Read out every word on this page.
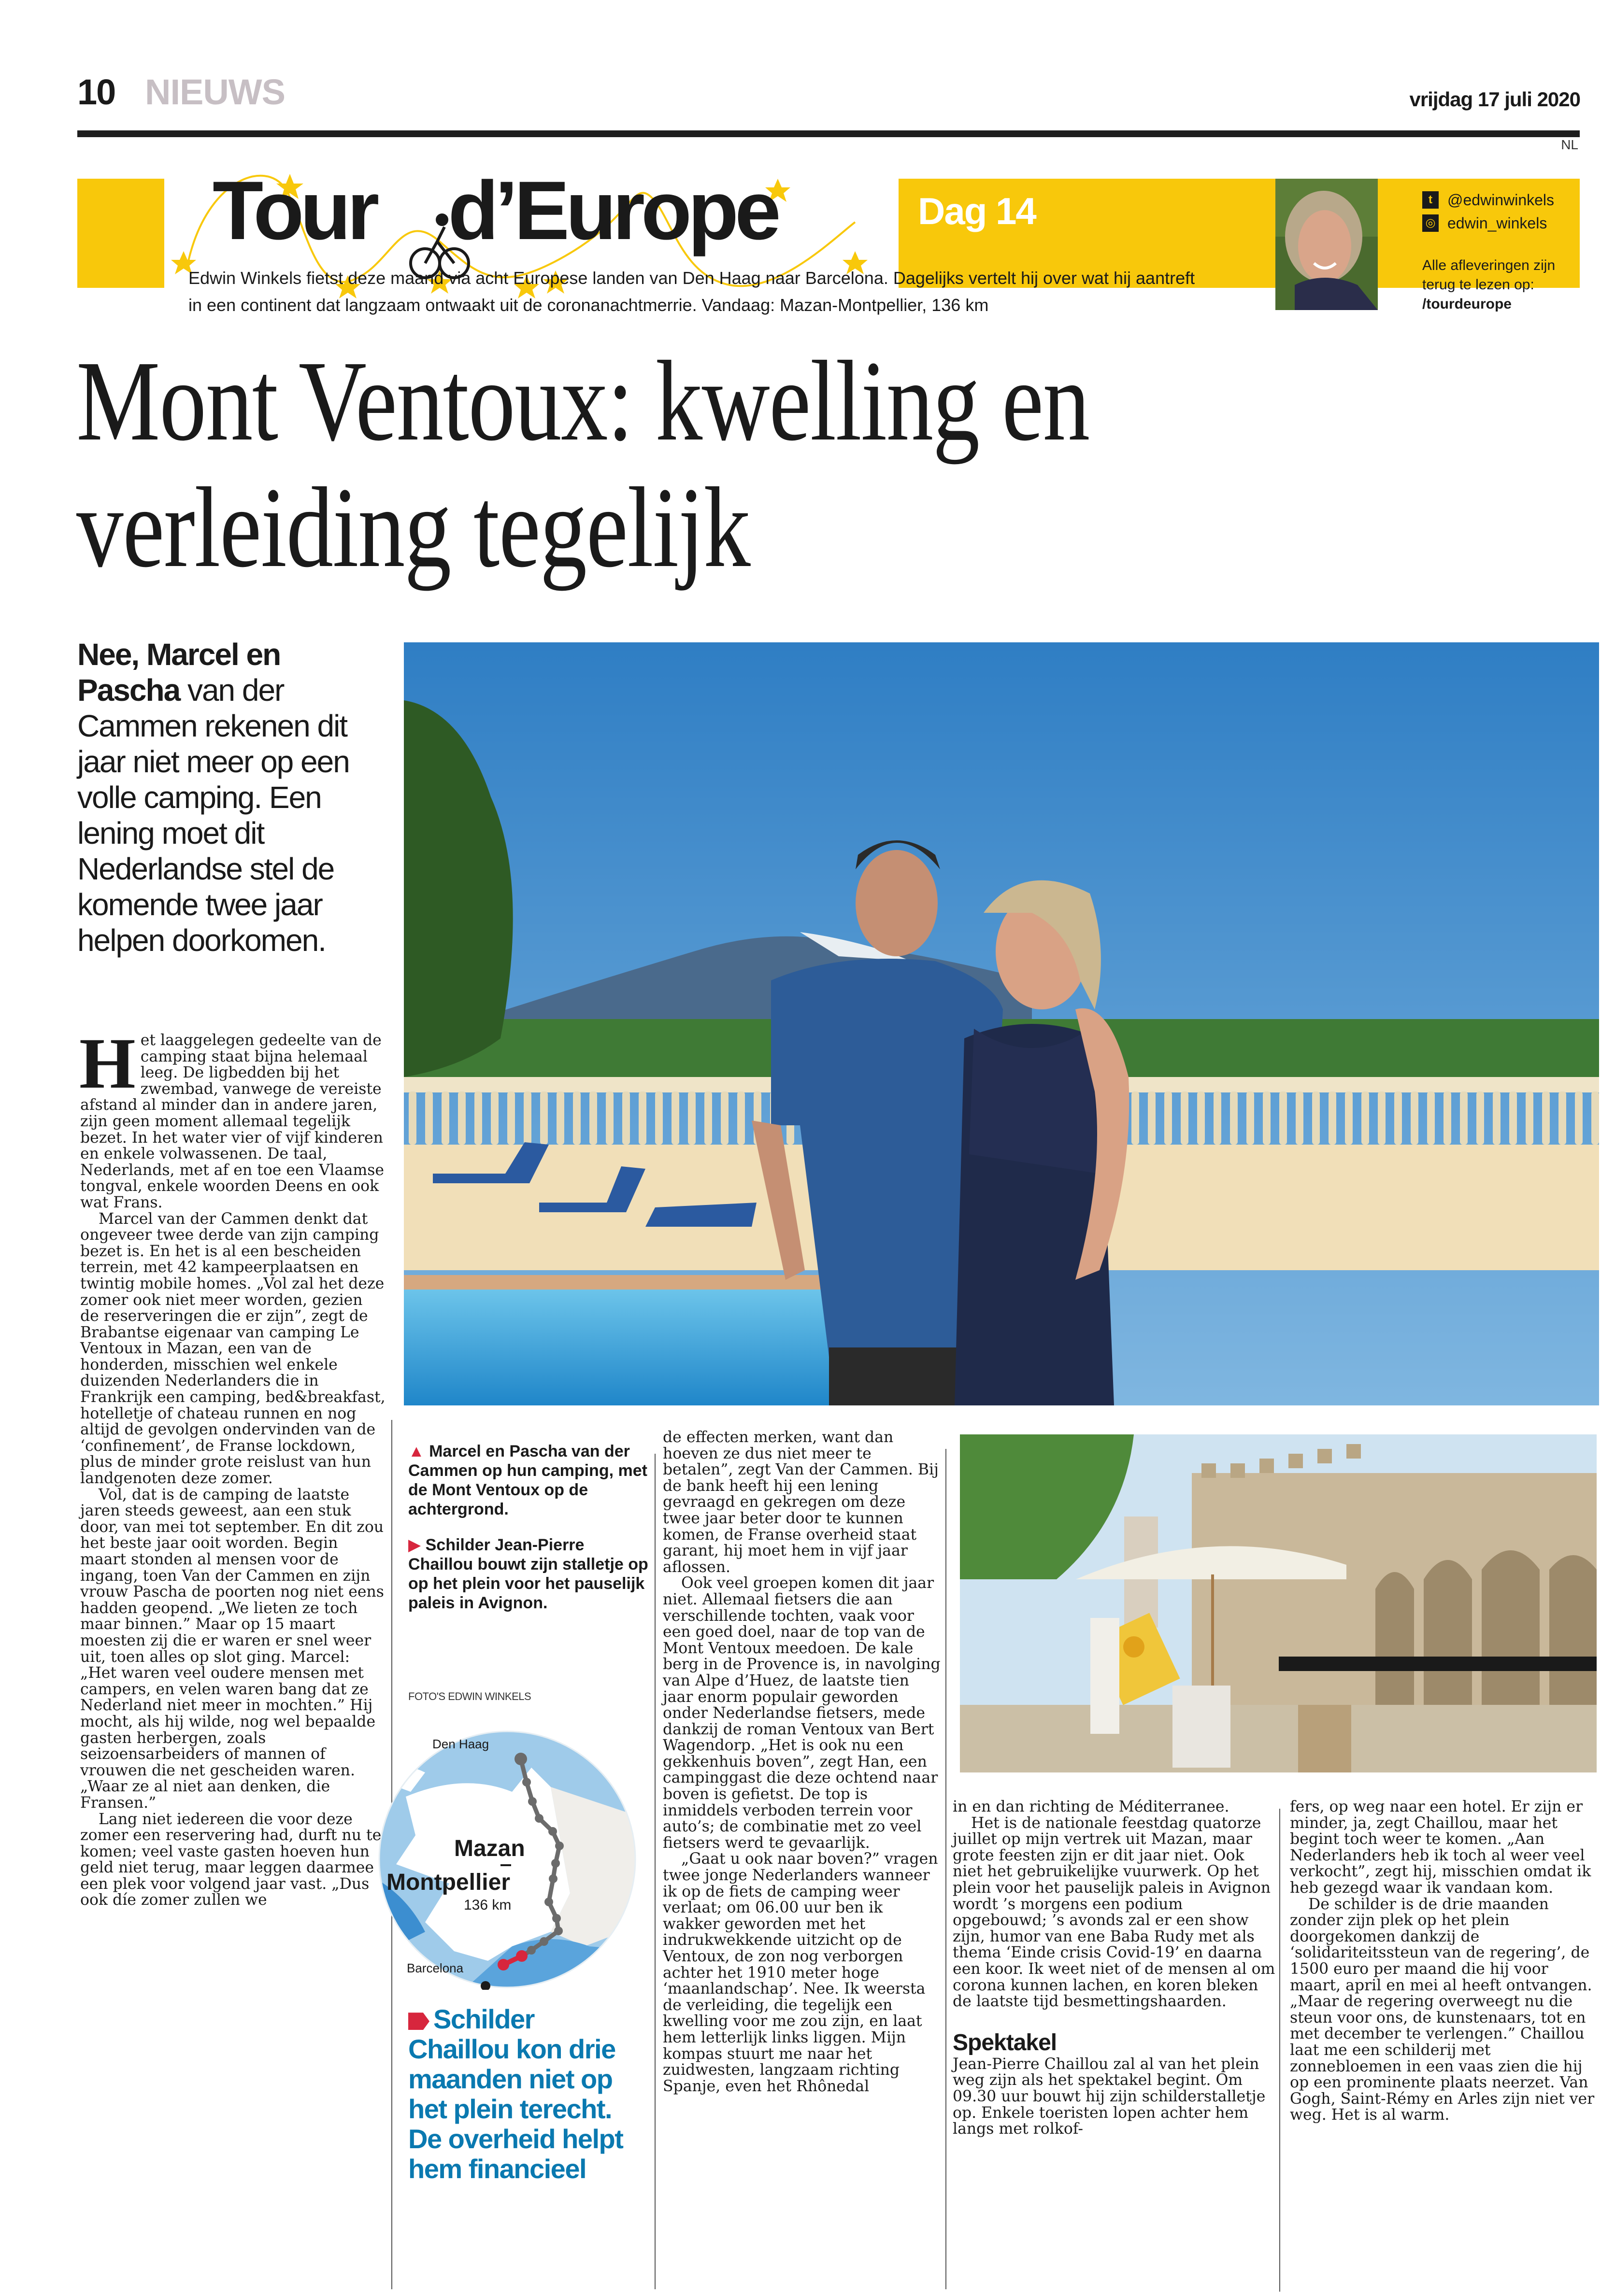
10 NIEUWS	vrijdag 17 juli 2020
NL
Tour d’Europe	Dag 14	t @edwinwinkels
◎ edwin_winkels
Alle afleveringen zijn terug te lezen op:
/tourdeurope
Edwin Winkels fietst deze maand via acht Europese landen van Den Haag naar Barcelona. Dagelijks vertelt hij over wat hij aantreft in een continent dat langzaam ontwaakt uit de coronanachtmerrie. Vandaag: Mazan-Montpellier, 136 km
Mont Ventoux: kwelling en verleiding tegelijk
Nee, Marcel en Pascha van der Cammen rekenen dit jaar niet meer op een volle camping. Een lening moet dit Nederlandse stel de komende twee jaar helpen doorkomen.
H et laaggelegen gedeelte van de camping staat bijna helemaal leeg. De ligbedden bij het zwembad, vanwege de vereiste afstand al minder dan in andere jaren, zijn geen moment allemaal tegelijk bezet. In het water vier of vijf kinderen en enkele volwassenen. De taal, Nederlands, met af en toe een Vlaamse tongval, enkele woorden Deens en ook wat Frans.

Marcel van der Cammen denkt dat ongeveer twee derde van zijn camping bezet is. En het is al een bescheiden terrein, met 42 kampeerplaatsen en twintig mobile homes. „Vol zal het deze zomer ook niet meer worden, gezien de reserveringen die er zijn”, zegt de Brabantse eigenaar van camping Le Ventoux in Mazan, een van de honderden, misschien wel enkele duizenden Nederlanders die in Frankrijk een camping, bed&breakfast, hotelletje of chateau runnen en nog altijd de gevolgen ondervinden van de ‘confinement’, de Franse lockdown, plus de minder grote reislust van hun landgenoten deze zomer.

Vol, dat is de camping de laatste jaren steeds geweest, aan een stuk door, van mei tot september. En dit zou het beste jaar ooit worden. Begin maart stonden al mensen voor de ingang, toen Van der Cammen en zijn vrouw Pascha de poorten nog niet eens hadden geopend. „We lieten ze toch maar binnen.” Maar op 15 maart moesten zij die er waren er snel weer uit, toen alles op slot ging. Marcel: „Het waren veel oudere mensen met campers, en velen waren bang dat ze Nederland niet meer in mochten.” Hij mocht, als hij wilde, nog wel bepaalde gasten herbergen, zoals seizoensarbeiders of mannen of vrouwen die net gescheiden waren. „Waar ze al niet aan denken, die Fransen.”

Lang niet iedereen die voor deze zomer een reservering had, durft nu te komen; veel vaste gasten hoeven hun geld niet terug, maar leggen daarmee een plek voor volgend jaar vast. „Dus ook díe zomer zullen we

▲ Marcel en Pascha van der Cammen op hun camping, met de Mont Ventoux op de achtergrond.
▶ Schilder Jean-Pierre Chaillou bouwt zijn stalletje op op het plein voor het pauselijk paleis in Avignon.
FOTO'S EDWIN WINKELS
Den Haag
Mazan
Montpellier
136 km
Barcelona
Schilder Chaillou kon drie maanden niet op het plein terecht. De overheid helpt hem financieel

de effecten merken, want dan hoeven ze dus niet meer te betalen”, zegt Van der Cammen. Bij de bank heeft hij een lening gevraagd en gekregen om deze twee jaar beter door te kunnen komen, de Franse overheid staat garant, hij moet hem in vijf jaar aflossen.

Ook veel groepen komen dit jaar niet. Allemaal fietsers die aan verschillende tochten, vaak voor een goed doel, naar de top van de Mont Ventoux meedoen. De kale berg in de Provence is, in navolging van Alpe d’Huez, de laatste tien jaar enorm populair geworden onder Nederlandse fietsers, mede dankzij de roman Ventoux van Bert Wagendorp. „Het is ook nu een gekkenhuis boven”, zegt Han, een campinggast die deze ochtend naar boven is gefietst. De top is inmiddels verboden terrein voor auto’s; de combinatie met zo veel fietsers werd te gevaarlijk.

„Gaat u ook naar boven?” vragen twee jonge Nederlanders wanneer ik op de fiets de camping weer verlaat; om 06.00 uur ben ik wakker geworden met het indrukwekkende uitzicht op de Ventoux, de zon nog verborgen achter het 1910 meter hoge ‘maanlandschap’. Nee. Ik weersta de verleiding, die tegelijk een kwelling voor me zou zijn, en laat hem letterlijk links liggen. Mijn kompas stuurt me naar het zuidwesten, langzaam richting Spanje, even het Rhônedal

in en dan richting de Méditerranee.

Het is de nationale feestdag quatorze juillet op mijn vertrek uit Mazan, maar grote feesten zijn er dit jaar niet. Ook niet het gebruikelijke vuurwerk. Op het plein voor het pauselijk paleis in Avignon wordt ’s morgens een podium opgebouwd; ’s avonds zal er een show zijn, humor van ene Baba Rudy met als thema ‘Einde crisis Covid-19’ en daarna een koor. Ik weet niet of de mensen al om corona kunnen lachen, en koren bleken de laatste tijd besmettingshaarden.

Spektakel

Jean-Pierre Chaillou zal al van het plein weg zijn als het spektakel begint. Om 09.30 uur bouwt hij zijn schilderstalletje op. Enkele toeristen lopen achter hem langs met rolkof-

fers, op weg naar een hotel. Er zijn er minder, ja, zegt Chaillou, maar het begint toch weer te komen. „Aan Nederlanders heb ik toch al weer veel verkocht”, zegt hij, misschien omdat ik heb gezegd waar ik vandaan kom.

De schilder is de drie maanden zonder zijn plek op het plein doorgekomen dankzij de ‘solidariteitssteun van de regering’, de 1500 euro per maand die hij voor maart, april en mei al heeft ontvangen. „Maar de regering overweegt nu die steun voor ons, de kunstenaars, tot en met december te verlengen.” Chaillou laat me een schilderij met zonnebloemen in een vaas zien die hij op een prominente plaats neerzet. Van Gogh, Saint-Rémy en Arles zijn niet ver weg. Het is al warm.
